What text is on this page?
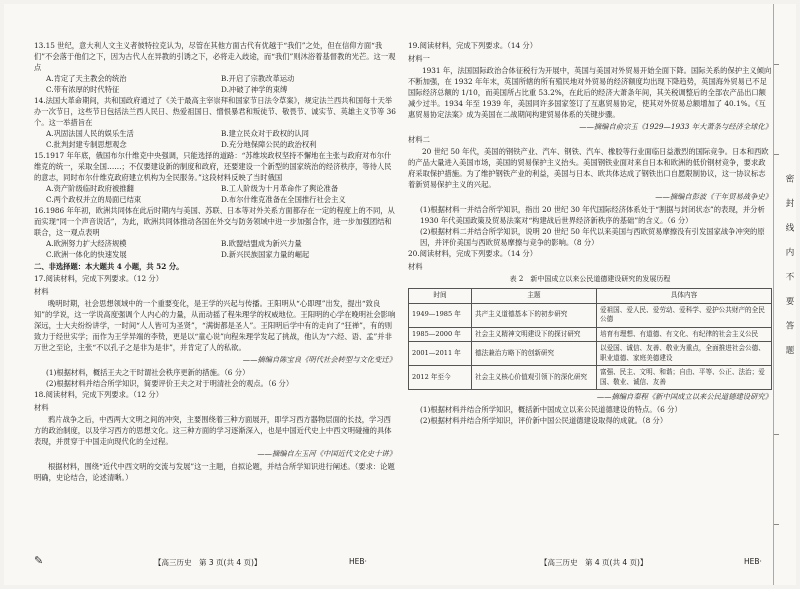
13.15 世纪，意大利人文主义者彼特拉克认为，尽管在其他方面古代有优越于“我们”之处，但在信仰方面“我们”不会落于他们之下，因为古代人在异教的引诱之下，必将走入歧途，而“我们”则沐浴着基督教的光芒。这一观点

A.肯定了天主教会的统治	B.开启了宗教改革运动
C.带有浓厚的时代特征	D.冲破了神学的束缚

14.法国大革命期间，共和国政府通过了《关于最高主宰崇拜和国家节日法令草案》，规定法兰西共和国每十天举办一次节日，这些节日包括法兰西人民日、热爱祖国日、憎恨暴君和叛徒节、敬畏节、诚实节、英雄主义节等 36 个。这一举措旨在

A.巩固法国人民的娱乐生活	B.建立民众对于政权的认同
C.批判封建专制思想观念	D.充分地保障公民的政治权利

15.1917 年年底，俄国布尔什维克中央强调，只能选择的道路：“苏维埃政权坚持不懈地在主张与政府对布尔什维克的统一，采取全国……；不仅要建设新的制度和政府，还要建设一个新型的国家统治的经济秩序，等待人民的意志，同时布尔什维克政府建立机构为全民服务。”这段材料反映了当时俄国

A.资产阶级临时政府被推翻	B.工人阶级为十月革命作了舆论准备
C.两个政权并立的局面已结束	D.布尔什维克准备在全国推行社会主义

16.1986 年年初，欧洲共同体在此后时期内与美国、苏联、日本等对外关系方面都存在一定的程度上的不同，从而实现“同一个声音说话”，为此，欧洲共同体推动各国在外交与防务领域中进一步加强合作，进一步加强团结和联合，这一观点表明

A.欧洲努力扩大经济规模	B.欧盟结盟成为新兴力量
C.欧洲一体化的快速发展	D.新兴民族国家力量的崛起

二、非选择题：本大题共 4 小题，共 52 分。

17.阅读材料，完成下列要求。（12 分）

材料

晚明时期，社会思想领域中的一个重要变化，是王学的兴起与传播。王阳明从“心即理”出发，提出“致良知”的学说，这一学说高度强调个人内心的力量，从而动摇了程朱理学的权威地位。王阳明的心学在晚明社会影响深远，士大夫纷纷讲学，一时间“人人皆可为圣贤”，“满街都是圣人”。王阳明后学中有的走向了“狂禅”，有的则致力于经世实学；而作为王学异端的李贽，更是以“童心说”向程朱理学发起了挑战，他认为“六经、语、孟”并非万世之至论，主张“不以孔子之是非为是非”，并肯定了人的私欲。

——摘编自陈宝良《明代社会转型与文化变迁》

(1)根据材料，概括王夫之干时谓社会秩序更新的措施。（6 分）

(2)根据材料并结合所学知识，简要评价王夫之对于明清社会的观点。（6 分）

18.阅读材料，完成下列要求。（12 分）

材料

鸦片战争之后，中西两大文明之间的冲突，主要围绕着三种方面展开，即学习西方器物层面的长技，学习西方的政治制度，以及学习西方的思想文化。这三种方面的学习逐渐深入，也是中国近代史上中西文明碰撞的具体表现，并贯穿于中国走向现代化的全过程。

——摘编自左玉河《中国近代文化史十讲》

根据材料，围绕“近代中西文明的交流与发展”这一主题，自拟论题，并结合所学知识进行阐述。（要求：论题明确，史论结合，论述清晰。）

19.阅读材料，完成下列要求。（14 分）

材料一

1931 年，法国国际政治合体征税行为开展中，英国与美国对外贸易开始全面下降。国际关系的保护主义倾向不断加强，在 1932 年年末，英国所辖的所有殖民地对外贸易的经济额度均出现下降趋势，英国海外贸易已不足国际经济总额的 1/10，而美国所占比重 53.2%，在此后的经济大萧条年间，其关税调整后的全部农产品出口额减少过半。1934 年至 1939 年，美国同许多国家签订了互惠贸易协定，使其对外贸易总额增加了 40.1%。《互惠贸易协定法案》成为美国在二战期间构建贸易体系的关键步骤。

——摘编自俞宗玉《1929—1933 年大萧条与经济全球化》

材料二

20 世纪 50 年代，美国的钢铁产业、汽车、钢铁、汽车、橡胶等行业面临日益激烈的国际竞争。日本和西欧的产品大量进入美国市场，美国的贸易保护主义抬头。美国钢铁业面对来自日本和欧洲的低价钢材竞争，要求政府采取保护措施。为了维护钢铁产业的利益，美国与日本、欧共体达成了钢铁出口自愿限制协议，这一协议标志着新贸易保护主义的兴起。

——摘编自彭波《干年贸易战争史》

(1)根据材料一并结合所学知识，指出 20 世纪 30 年代国际经济体系处于“割据与封闭状态”的表现，并分析 1930 年代美国政策及贸易法案对“构建战后世界经济新秩序的基础”的含义。（6 分）

(2)根据材料二并结合所学知识，说明 20 世纪 50 年代以来美国与西欧贸易摩擦没有引发国家战争冲突的原因，并评价美国与西欧贸易摩擦与竞争的影响。（8 分）

20.阅读材料，完成下列要求。（14 分）

材料

表 2　新中国成立以来公民道德建设研究的发展历程

时间	主题	具体内容
1949—1985 年	共产主义道德基本下的初步研究	爱祖国、爱人民、爱劳动、爱科学、爱护公共财产的全民公德
1985—2000 年	社会主义精神文明建设下的探讨研究	培育有理想、有道德、有文化、有纪律的社会主义公民
2001—2011 年	德法兼治方略下的创新研究	以爱国、诚信、友善、敬业为重点，全面推进社会公德、职业道德、家庭美德建设
2012 年至今	社会主义核心价值观引领下的深化研究	富强、民主、文明、和谐；自由、平等、公正、法治；爱国、敬业、诚信、友善

——摘编自秦程《新中国成立以来公民道德建设研究》

(1)根据材料并结合所学知识，概括新中国成立以来公民道德建设的特点。（6 分）

(2)根据材料并结合所学知识，评价新中国公民道德建设取得的成就。（8 分）

✎	【高三历史　第 3 页(共 4 页)】	HEB·	【高三历史　第 4 页(共 4 页)】	HEB·
密封线内不要答题
